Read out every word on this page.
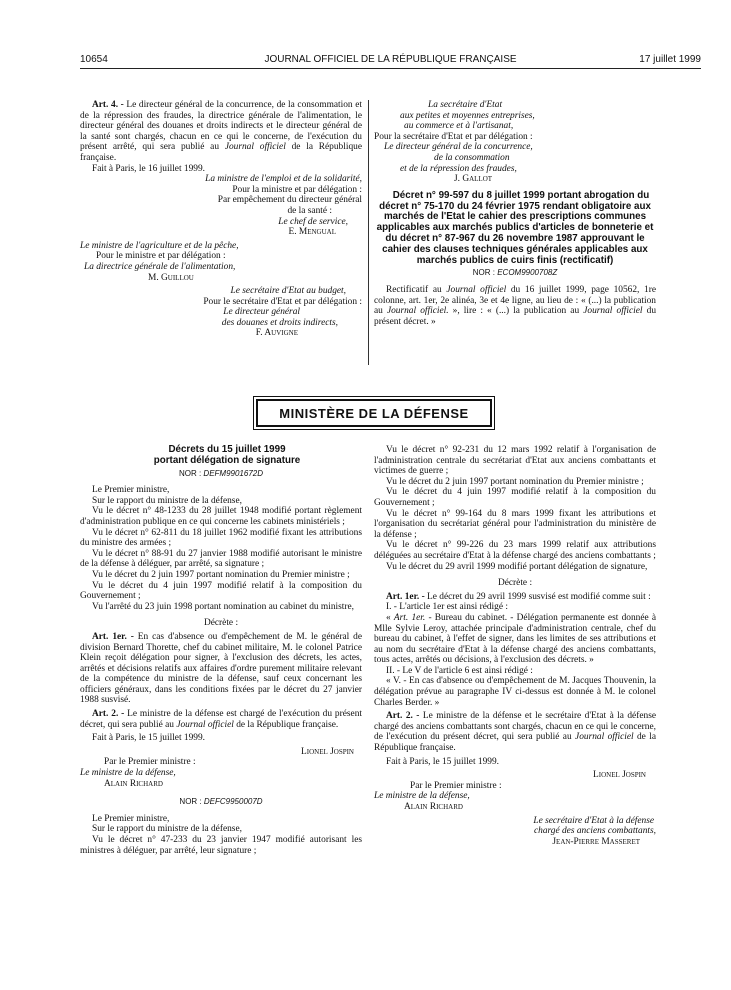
10654	JOURNAL OFFICIEL DE LA RÉPUBLIQUE FRANÇAISE	17 juillet 1999

Art. 4. - Le directeur général de la concurrence, de la consommation et de la répression des fraudes, la directrice générale de l'alimentation, le directeur général des douanes et droits indirects et le directeur général de la santé sont chargés, chacun en ce qui le concerne, de l'exécution du présent arrêté, qui sera publié au Journal officiel de la République française.

Fait à Paris, le 16 juillet 1999.

La ministre de l'emploi et de la solidarité,
Pour la ministre et par délégation :
Par empêchement du directeur général
de la santé :
Le chef de service,
E. Mengual
Le ministre de l'agriculture et de la pêche,
Pour le ministre et par délégation :
La directrice générale de l'alimentation,
M. Guillou
Le secrétaire d'Etat au budget,
Pour le secrétaire d'Etat et par délégation :
Le directeur général
des douanes et droits indirects,
F. Auvigne
La secrétaire d'Etat
aux petites et moyennes entreprises,
au commerce et à l'artisanat,
Pour la secrétaire d'Etat et par délégation :
Le directeur général de la concurrence,
de la consommation
et de la répression des fraudes,
J. Gallot

Décret n° 99-597 du 8 juillet 1999 portant abrogation du décret n° 75-170 du 24 février 1975 rendant obligatoire aux marchés de l'Etat le cahier des prescriptions communes applicables aux marchés publics d'articles de bonneterie et du décret n° 87-967 du 26 novembre 1987 approuvant le cahier des clauses techniques générales applicables aux marchés publics de cuirs finis (rectificatif)

NOR : ECOM9900708Z

Rectificatif au Journal officiel du 16 juillet 1999, page 10562, 1re colonne, art. 1er, 2e alinéa, 3e et 4e ligne, au lieu de : « (...) la publication au Journal officiel. », lire : « (...) la publication au Journal officiel du présent décret. »

MINISTÈRE DE LA DÉFENSE

Décrets du 15 juillet 1999

portant délégation de signature

NOR : DEFM9901672D

Le Premier ministre,

Sur le rapport du ministre de la défense,

Vu le décret n° 48-1233 du 28 juillet 1948 modifié portant règlement d'administration publique en ce qui concerne les cabinets ministériels ;

Vu le décret n° 62-811 du 18 juillet 1962 modifié fixant les attributions du ministre des armées ;

Vu le décret n° 88-91 du 27 janvier 1988 modifié autorisant le ministre de la défense à déléguer, par arrêté, sa signature ;

Vu le décret du 2 juin 1997 portant nomination du Premier ministre ;

Vu le décret du 4 juin 1997 modifié relatif à la composition du Gouvernement ;

Vu l'arrêté du 23 juin 1998 portant nomination au cabinet du ministre,

Décrète :

Art. 1er. - En cas d'absence ou d'empêchement de M. le général de division Bernard Thorette, chef du cabinet militaire, M. le colonel Patrice Klein reçoit délégation pour signer, à l'exclusion des décrets, les actes, arrêtés et décisions relatifs aux affaires d'ordre purement militaire relevant de la compétence du ministre de la défense, sauf ceux concernant les officiers généraux, dans les conditions fixées par le décret du 27 janvier 1988 susvisé.

Art. 2. - Le ministre de la défense est chargé de l'exécution du présent décret, qui sera publié au Journal officiel de la République française.

Fait à Paris, le 15 juillet 1999.

Lionel Jospin
Par le Premier ministre :
Le ministre de la défense,
Alain Richard
NOR : DEFC9950007D

Le Premier ministre,

Sur le rapport du ministre de la défense,

Vu le décret n° 47-233 du 23 janvier 1947 modifié autorisant les ministres à déléguer, par arrêté, leur signature ;

Vu le décret n° 92-231 du 12 mars 1992 relatif à l'organisation de l'administration centrale du secrétariat d'Etat aux anciens combattants et victimes de guerre ;

Vu le décret du 2 juin 1997 portant nomination du Premier ministre ;

Vu le décret du 4 juin 1997 modifié relatif à la composition du Gouvernement ;

Vu le décret n° 99-164 du 8 mars 1999 fixant les attributions et l'organisation du secrétariat général pour l'administration du ministère de la défense ;

Vu le décret n° 99-226 du 23 mars 1999 relatif aux attributions déléguées au secrétaire d'Etat à la défense chargé des anciens combattants ;

Vu le décret du 29 avril 1999 modifié portant délégation de signature,

Décrète :

Art. 1er. - Le décret du 29 avril 1999 susvisé est modifié comme suit :

I. - L'article 1er est ainsi rédigé :

« Art. 1er. - Bureau du cabinet. - Délégation permanente est donnée à Mlle Sylvie Leroy, attachée principale d'administration centrale, chef du bureau du cabinet, à l'effet de signer, dans les limites de ses attributions et au nom du secrétaire d'Etat à la défense chargé des anciens combattants, tous actes, arrêtés ou décisions, à l'exclusion des décrets. »

II. - Le V de l'article 6 est ainsi rédigé :

« V. - En cas d'absence ou d'empêchement de M. Jacques Thouvenin, la délégation prévue au paragraphe IV ci-dessus est donnée à M. le colonel Charles Berder. »

Art. 2. - Le ministre de la défense et le secrétaire d'Etat à la défense chargé des anciens combattants sont chargés, chacun en ce qui le concerne, de l'exécution du présent décret, qui sera publié au Journal officiel de la République française.

Fait à Paris, le 15 juillet 1999.

Lionel Jospin
Par le Premier ministre :
Le ministre de la défense,
Alain Richard
Le secrétaire d'Etat à la défense
chargé des anciens combattants,
Jean-Pierre Masseret
